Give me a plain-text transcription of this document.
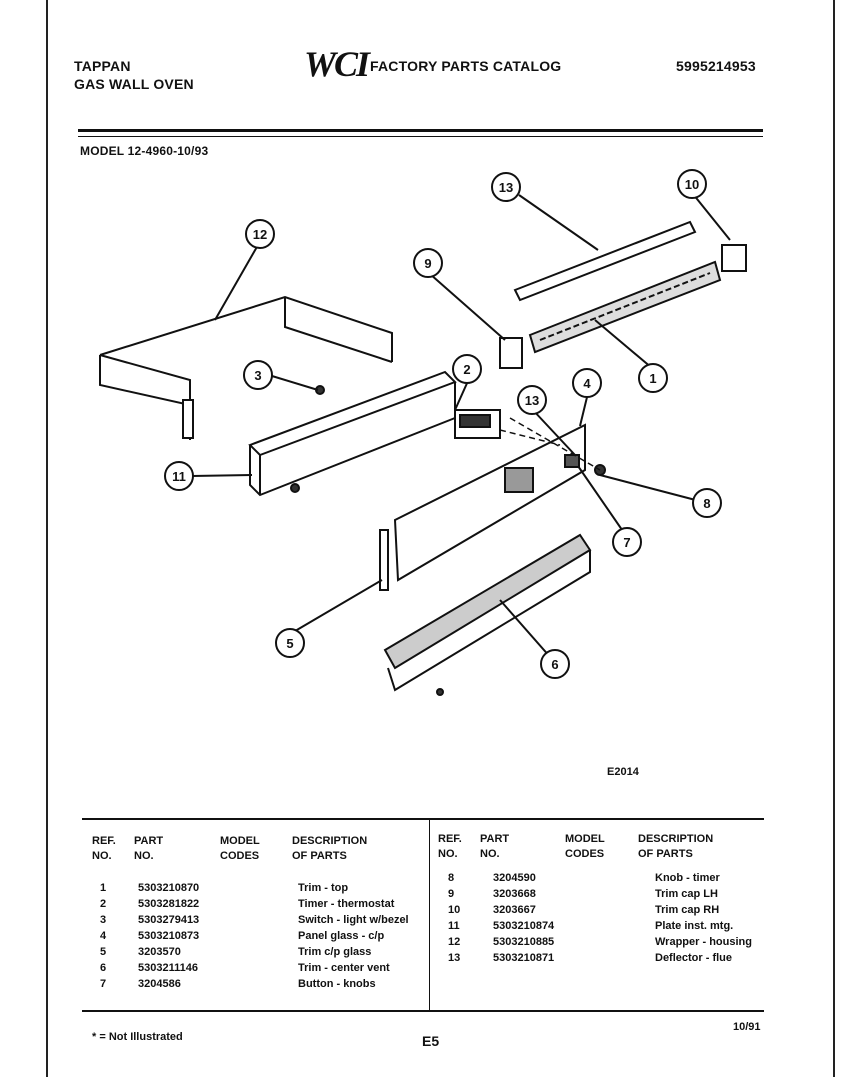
TAPPAN
GAS WALL OVEN	WCI FACTORY PARTS CATALOG	5995214953
MODEL 12-4960-10/93
1
2
3
4
5
6
7
8
9
10
11
12
13
13
E2014
REF.
NO.
PART
NO.
MODEL
CODES
DESCRIPTION
OF PARTS
REF.
NO.
PART
NO.
MODEL
CODES
DESCRIPTION
OF PARTS
1	5303210870	Trim - top
2	5303281822	Timer - thermostat
3	5303279413	Switch - light w/bezel
4	5303210873	Panel glass - c/p
5	3203570	Trim c/p glass
6	5303211146	Trim - center vent
7	3204586	Button - knobs
8	3204590	Knob - timer
9	3203668	Trim cap LH
10	3203667	Trim cap RH
11	5303210874	Plate inst. mtg.
12	5303210885	Wrapper - housing
13	5303210871	Deflector - flue
* = Not Illustrated	E5
10/91
